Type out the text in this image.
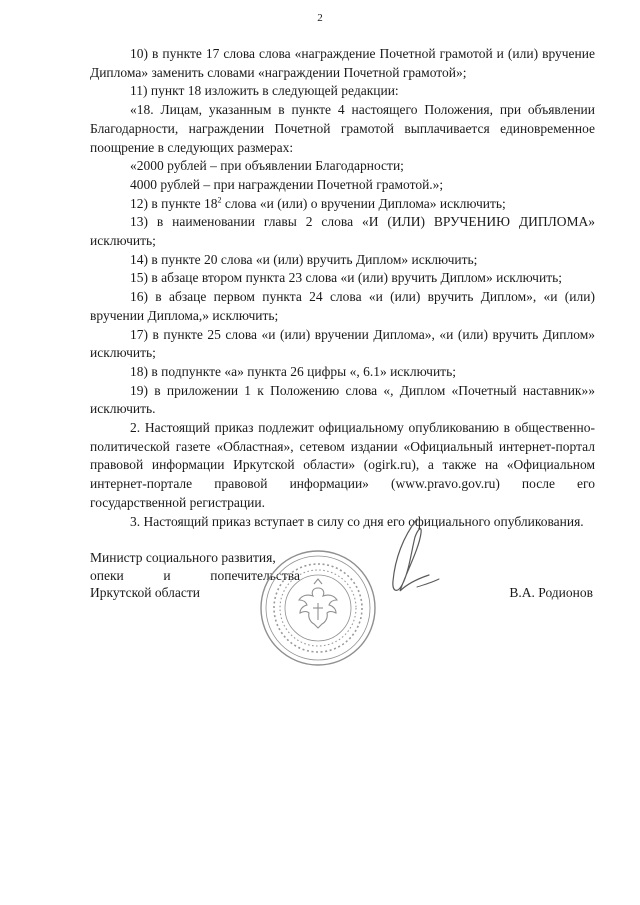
2

10) в пункте 17 слова слова «награждение Почетной грамотой и (или) вручение Диплома» заменить словами «награждении Почетной грамотой»;

11) пункт 18 изложить в следующей редакции:

«18. Лицам, указанным в пункте 4 настоящего Положения, при объявлении Благодарности, награждении Почетной грамотой выплачивается единовременное поощрение в следующих размерах:

«2000 рублей – при объявлении Благодарности;

4000 рублей – при награждении Почетной грамотой.»;

12) в пункте $18^2$ слова «и (или) о вручении Диплома» исключить;

13) в наименовании главы 2 слова «И (ИЛИ) ВРУЧЕНИЮ ДИПЛОМА» исключить;

14) в пункте 20 слова «и (или) вручить Диплом» исключить;

15) в абзаце втором пункта 23 слова «и (или) вручить Диплом» исключить;

16) в абзаце первом пункта 24 слова «и (или) вручить Диплом», «и (или) вручении Диплома,» исключить;

17) в пункте 25 слова «и (или) вручении Диплома», «и (или) вручить Диплом» исключить;

18) в подпункте «а» пункта 26 цифры «, 6.1» исключить;

19) в приложении 1 к Положению слова «, Диплом «Почетный наставник»» исключить.

2. Настоящий приказ подлежит официальному опубликованию в общественно-политической газете «Областная», сетевом издании «Официальный интернет-портал правовой информации Иркутской области» (ogirk.ru), а также на «Официальном интернет-портале правовой информации» (www.pravo.gov.ru) после его государственной регистрации.

3. Настоящий приказ вступает в силу со дня его официального опубликования.

Министр социального развития,
опеки	и	попечительства
Иркутской области	В.А. Родионов
